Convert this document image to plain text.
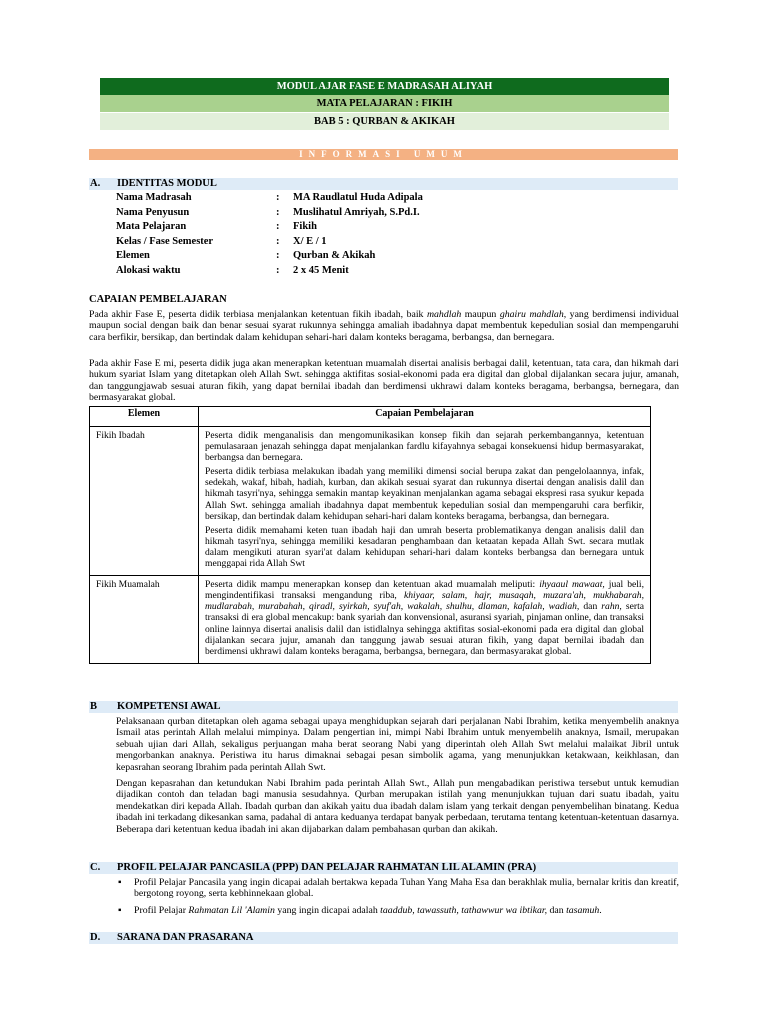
MODUL AJAR FASE E MADRASAH ALIYAH
MATA PELAJARAN : FIKIH
BAB 5 : QURBAN & AKIKAH
INFORMASI UMUM
A. IDENTITAS MODUL
Nama Madrasah	: MA Raudlatul Huda Adipala
Nama Penyusun	: Muslihatul Amriyah, S.Pd.I.
Mata Pelajaran	: Fikih
Kelas / Fase Semester	: X/ E / 1
Elemen	: Qurban & Akikah
Alokasi waktu	: 2 x 45 Menit
CAPAIAN PEMBELAJARAN

Pada akhir Fase E, peserta didik terbiasa menjalankan ketentuan fikih ibadah, baik mahdlah maupun ghairu mahdlah, yang berdimensi individual maupun social dengan baik dan benar sesuai syarat rukunnya sehingga amaliah ibadahnya dapat membentuk kepedulian sosial dan mempengaruhi cara berfikir, bersikap, dan bertindak dalam kehidupan sehari-hari dalam konteks beragama, berbangsa, dan bernegara.

Pada akhir Fase E mi, peserta didik juga akan menerapkan ketentuan muamalah disertai analisis berbagai dalil, ketentuan, tata cara, dan hikmah dari hukum syariat Islam yang ditetapkan oleh Allah Swt. sehingga aktifitas sosial-ekonomi pada era digital dan global dijalankan secara jujur, amanah, dan tanggungjawab sesuai aturan fikih, yang dapat bernilai ibadah dan berdimensi ukhrawi dalam konteks beragama, berbangsa, bernegara, dan bermasyarakat global.

Elemen	Capaian Pembelajaran
Fikih Ibadah	Peserta didik menganalisis dan mengomunikasikan konsep fikih dan sejarah perkembangannya, ketentuan pemulasaraan jenazah sehingga dapat menjalankan fardlu kifayahnya sebagai konsekuensi hidup bermasyarakat, berbangsa dan bernegara.

Peserta didik terbiasa melakukan ibadah yang memiliki dimensi social berupa zakat dan pengelolaannya, infak, sedekah, wakaf, hibah, hadiah, kurban, dan akikah sesuai syarat dan rukunnya disertai dengan analisis dalil dan hikmah tasyri'nya, sehingga semakin mantap keyakinan menjalankan agama sebagai ekspresi rasa syukur kepada Allah Swt. sehingga amaliah ibadahnya dapat membentuk kepedulian sosial dan mempengaruhi cara berfikir, bersikap, dan bertindak dalam kehidupan sehari-hari dalam konteks beragama, berbangsa, dan bernegara.

Peserta didik memahami keten tuan ibadah haji dan umrah beserta problematikanya dengan analisis dalil dan hikmah tasyri'nya, sehingga memiliki kesadaran penghambaan dan ketaatan kepada Allah Swt. secara mutlak dalam mengikuti aturan syari'at dalam kehidupan sehari-hari dalam konteks berbangsa dan bernegara untuk menggapai rida Allah Swt

Fikih Muamalah	Peserta didik mampu menerapkan konsep dan ketentuan akad muamalah meliputi: ihyaaul mawaat, jual beli, mengindentifikasi transaksi mengandung riba, khiyaar, salam, hajr, musaqah, muzara'ah, mukhabarah, mudlarabah, murabahah, qiradl, syirkah, syuf'ah, wakalah, shulhu, dlaman, kafalah, wadiah, dan rahn, serta transaksi di era global mencakup: bank syariah dan konvensional, asuransi syariah, pinjaman online, dan transaksi online lainnya disertai analisis dalil dan istidlalnya sehingga aktifitas sosial-ekonomi pada era digital dan global dijalankan secara jujur, amanah dan tanggung jawab sesuai aturan fikih, yang dapat bernilai ibadah dan berdimensi ukhrawi dalam konteks beragama, berbangsa, bernegara, dan bermasyarakat global.

B KOMPETENSI AWAL

Pelaksanaan qurban ditetapkan oleh agama sebagai upaya menghidupkan sejarah dari perjalanan Nabi Ibrahim, ketika menyembelih anaknya Ismail atas perintah Allah melalui mimpinya. Dalam pengertian ini, mimpi Nabi Ibrahim untuk menyembelih anaknya, Ismail, merupakan sebuah ujian dari Allah, sekaligus perjuangan maha berat seorang Nabi yang diperintah oleh Allah Swt melalui malaikat Jibril untuk mengorbankan anaknya. Peristiwa itu harus dimaknai sebagai pesan simbolik agama, yang menunjukkan ketakwaan, keikhlasan, dan kepasrahan seorang Ibrahim pada perintah Allah Swt.

Dengan kepasrahan dan ketundukan Nabi Ibrahim pada perintah Allah Swt., Allah pun mengabadikan peristiwa tersebut untuk kemudian dijadikan contoh dan teladan bagi manusia sesudahnya. Qurban merupakan istilah yang menunjukkan tujuan dari suatu ibadah, yaitu mendekatkan diri kepada Allah. Ibadah qurban dan akikah yaitu dua ibadah dalam islam yang terkait dengan penyembelihan binatang. Kedua ibadah ini terkadang dikesankan sama, padahal di antara keduanya terdapat banyak perbedaan, terutama tentang ketentuan-ketentuan dasarnya. Beberapa dari ketentuan kedua ibadah ini akan dijabarkan dalam pembahasan qurban dan akikah.

C. PROFIL PELAJAR PANCASILA (PPP) DAN PELAJAR RAHMATAN LIL ALAMIN (PRA)
▪ Profil Pelajar Pancasila yang ingin dicapai adalah bertakwa kepada Tuhan Yang Maha Esa dan berakhlak mulia, bernalar kritis dan kreatif, bergotong royong, serta kebhinnekaan global.
▪ Profil Pelajar Rahmatan Lil 'Alamin yang ingin dicapai adalah taaddub, tawassuth, tathawwur wa ibtikar, dan tasamuh.
D. SARANA DAN PRASARANA
